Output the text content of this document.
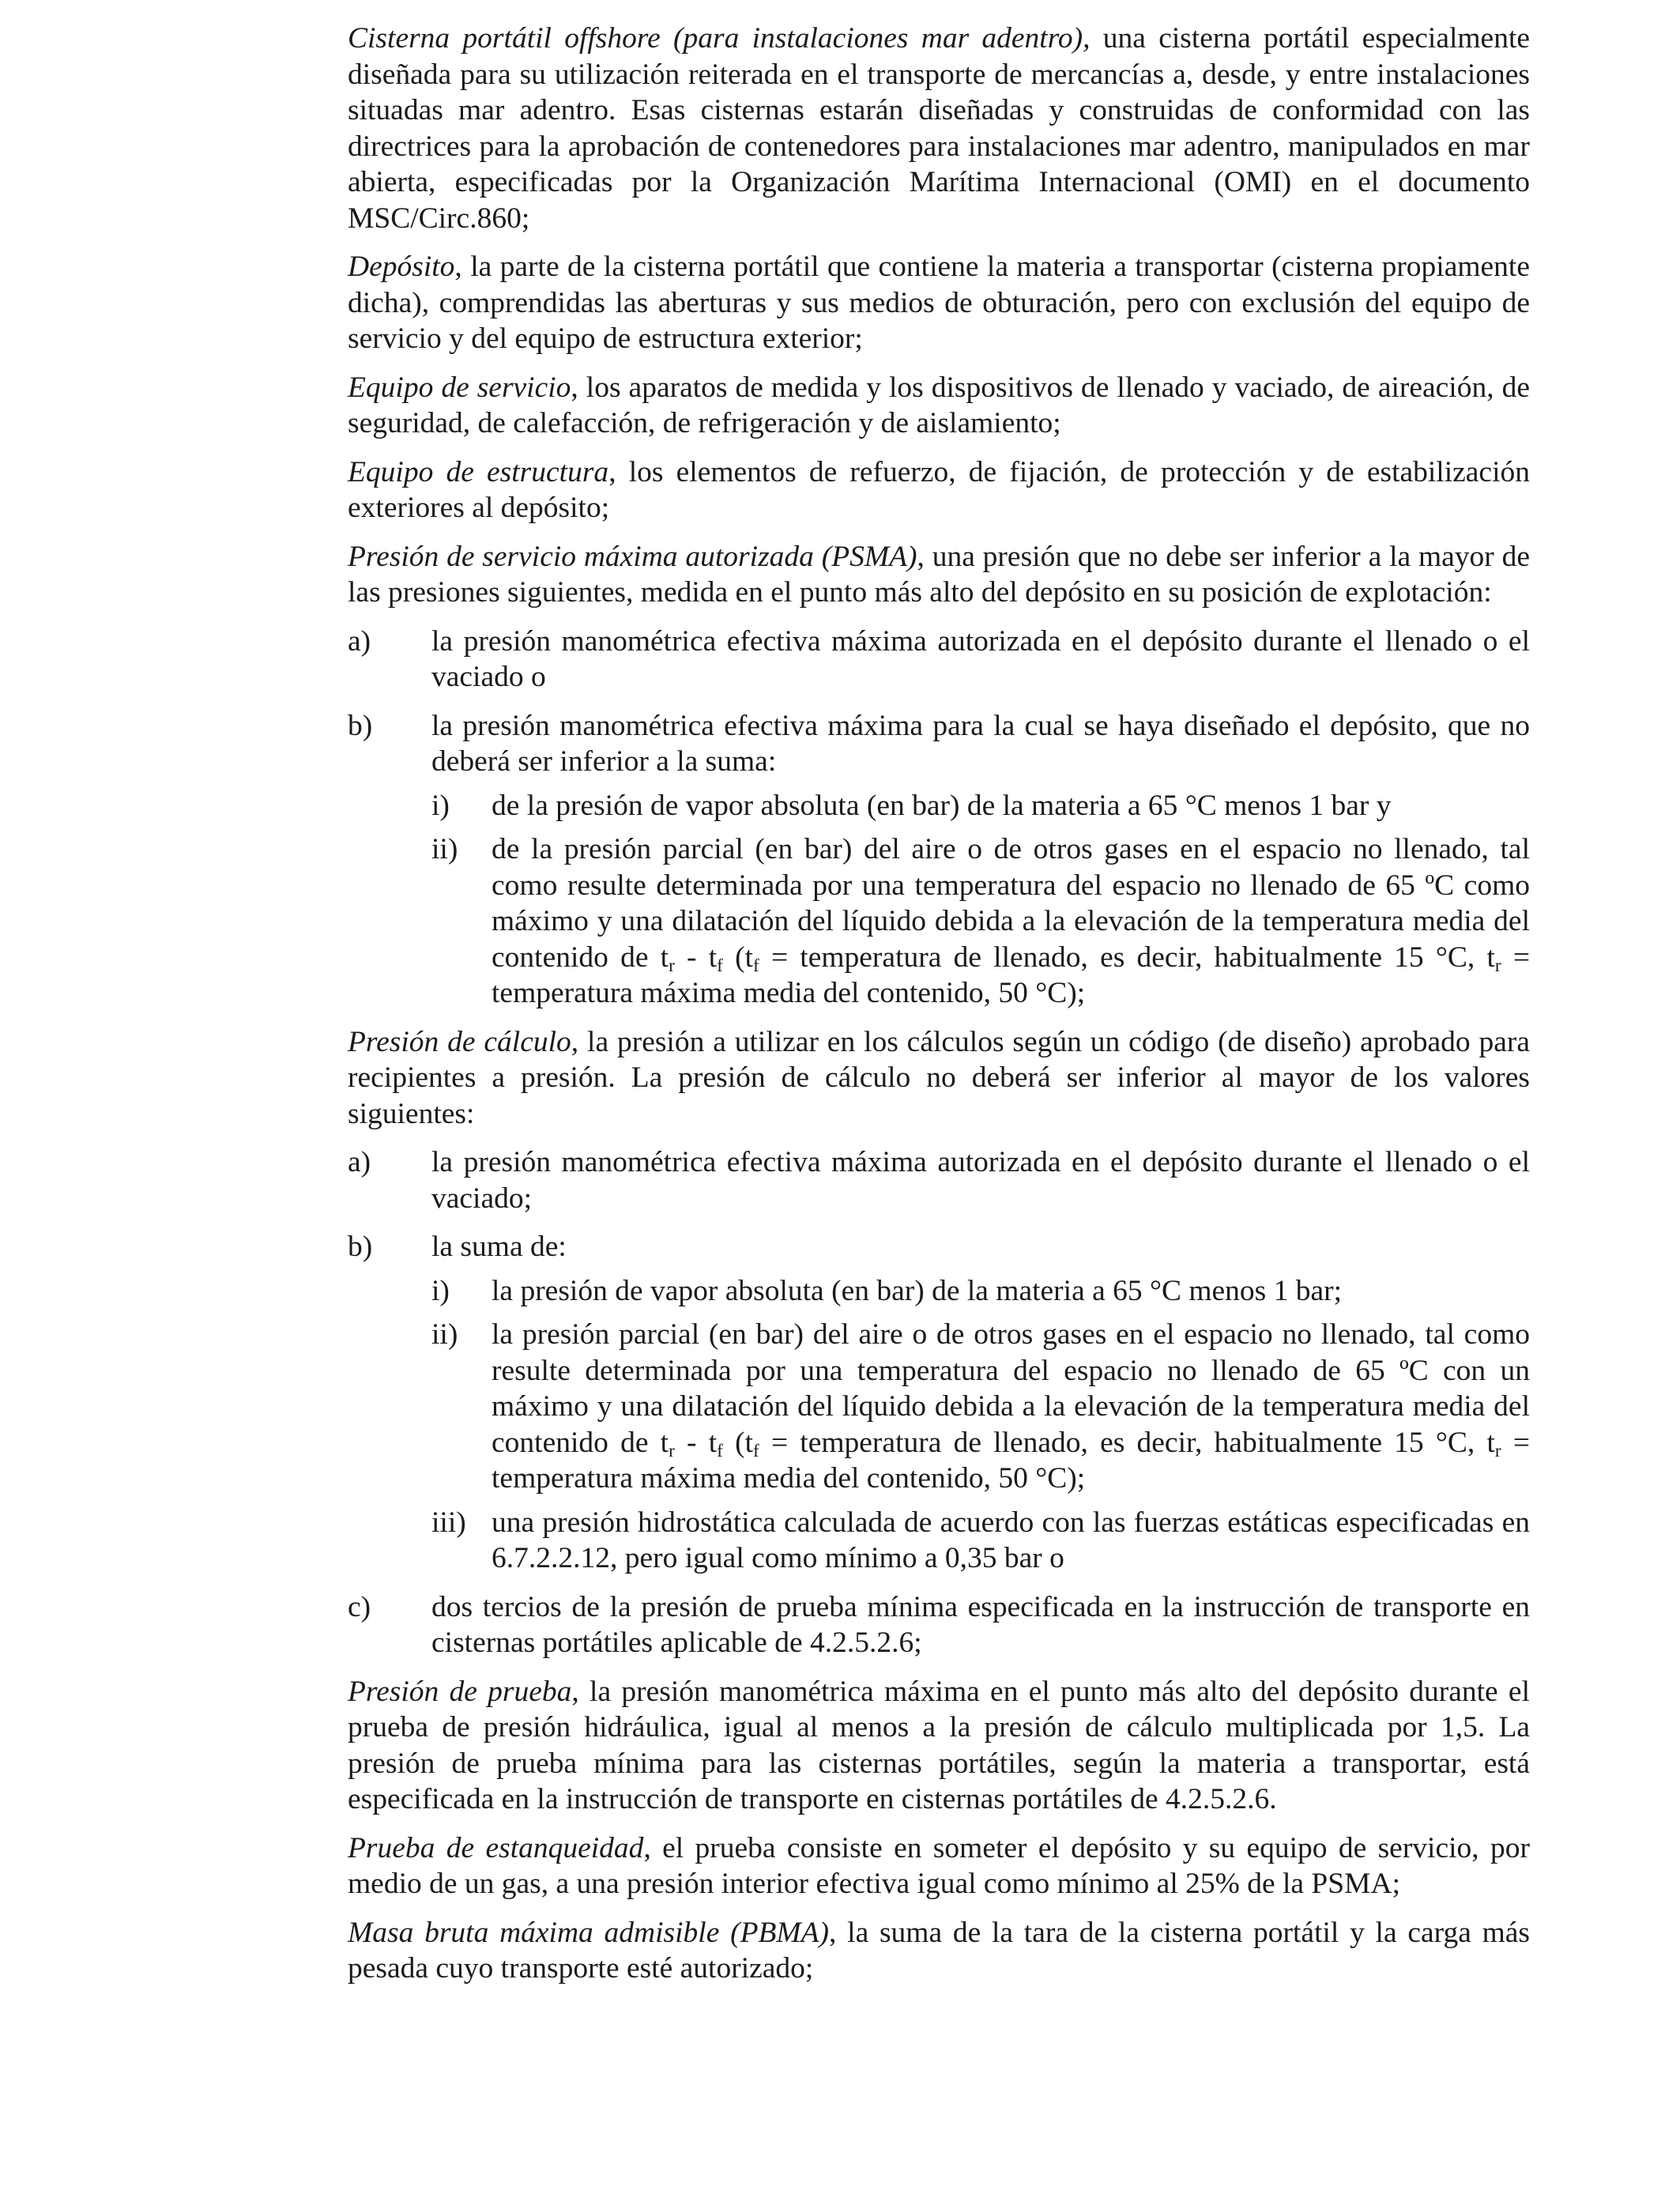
Cisterna portátil offshore (para instalaciones mar adentro), una cisterna portátil especialmente diseñada para su utilización reiterada en el transporte de mercancías a, desde, y entre instalaciones situadas mar adentro. Esas cisternas estarán diseñadas y construidas de conformidad con las directrices para la aprobación de contenedores para instalaciones mar adentro, manipulados en mar abierta, especificadas por la Organización Marítima Internacional (OMI) en el documento MSC/Circ.860;

Depósito, la parte de la cisterna portátil que contiene la materia a transportar (cisterna propiamente dicha), comprendidas las aberturas y sus medios de obturación, pero con exclusión del equipo de servicio y del equipo de estructura exterior;

Equipo de servicio, los aparatos de medida y los dispositivos de llenado y vaciado, de aireación, de seguridad, de calefacción, de refrigeración y de aislamiento;

Equipo de estructura, los elementos de refuerzo, de fijación, de protección y de estabilización exteriores al depósito;

Presión de servicio máxima autorizada (PSMA), una presión que no debe ser inferior a la mayor de las presiones siguientes, medida en el punto más alto del depósito en su posición de explotación:

a)	la presión manométrica efectiva máxima autorizada en el depósito durante el llenado o el vaciado o
b)	la presión manométrica efectiva máxima para la cual se haya diseñado el depósito, que no deberá ser inferior a la suma:
i)	de la presión de vapor absoluta (en bar) de la materia a 65 °C menos 1 bar y
ii)	de la presión parcial (en bar) del aire o de otros gases en el espacio no llenado, tal como resulte determinada por una temperatura del espacio no llenado de 65 ºC como máximo y una dilatación del líquido debida a la elevación de la temperatura media del contenido de $t_r - t_f$ ($t_f$ = temperatura de llenado, es decir, habitualmente 15 °C, $t_r$ = temperatura máxima media del contenido, 50 °C);

Presión de cálculo, la presión a utilizar en los cálculos según un código (de diseño) aprobado para recipientes a presión. La presión de cálculo no deberá ser inferior al mayor de los valores siguientes:

a)	la presión manométrica efectiva máxima autorizada en el depósito durante el llenado o el vaciado;
b)	la suma de:
i)	la presión de vapor absoluta (en bar) de la materia a 65 °C menos 1 bar;
ii)	la presión parcial (en bar) del aire o de otros gases en el espacio no llenado, tal como resulte determinada por una temperatura del espacio no llenado de 65 ºC con un máximo y una dilatación del líquido debida a la elevación de la temperatura media del contenido de $t_r - t_f$ ($t_f$ = temperatura de llenado, es decir, habitualmente 15 °C, $t_r$ = temperatura máxima media del contenido, 50 °C);
iii) una presión hidrostática calculada de acuerdo con las fuerzas estáticas especificadas en 6.7.2.2.12, pero igual como mínimo a 0,35 bar o
c)	dos tercios de la presión de prueba mínima especificada en la instrucción de transporte en cisternas portátiles aplicable de 4.2.5.2.6;

Presión de prueba, la presión manométrica máxima en el punto más alto del depósito durante el prueba de presión hidráulica, igual al menos a la presión de cálculo multiplicada por 1,5. La presión de prueba mínima para las cisternas portátiles, según la materia a transportar, está especificada en la instrucción de transporte en cisternas portátiles de 4.2.5.2.6.

Prueba de estanqueidad, el prueba consiste en someter el depósito y su equipo de servicio, por medio de un gas, a una presión interior efectiva igual como mínimo al 25% de la PSMA;

Masa bruta máxima admisible (PBMA), la suma de la tara de la cisterna portátil y la carga más pesada cuyo transporte esté autorizado;
